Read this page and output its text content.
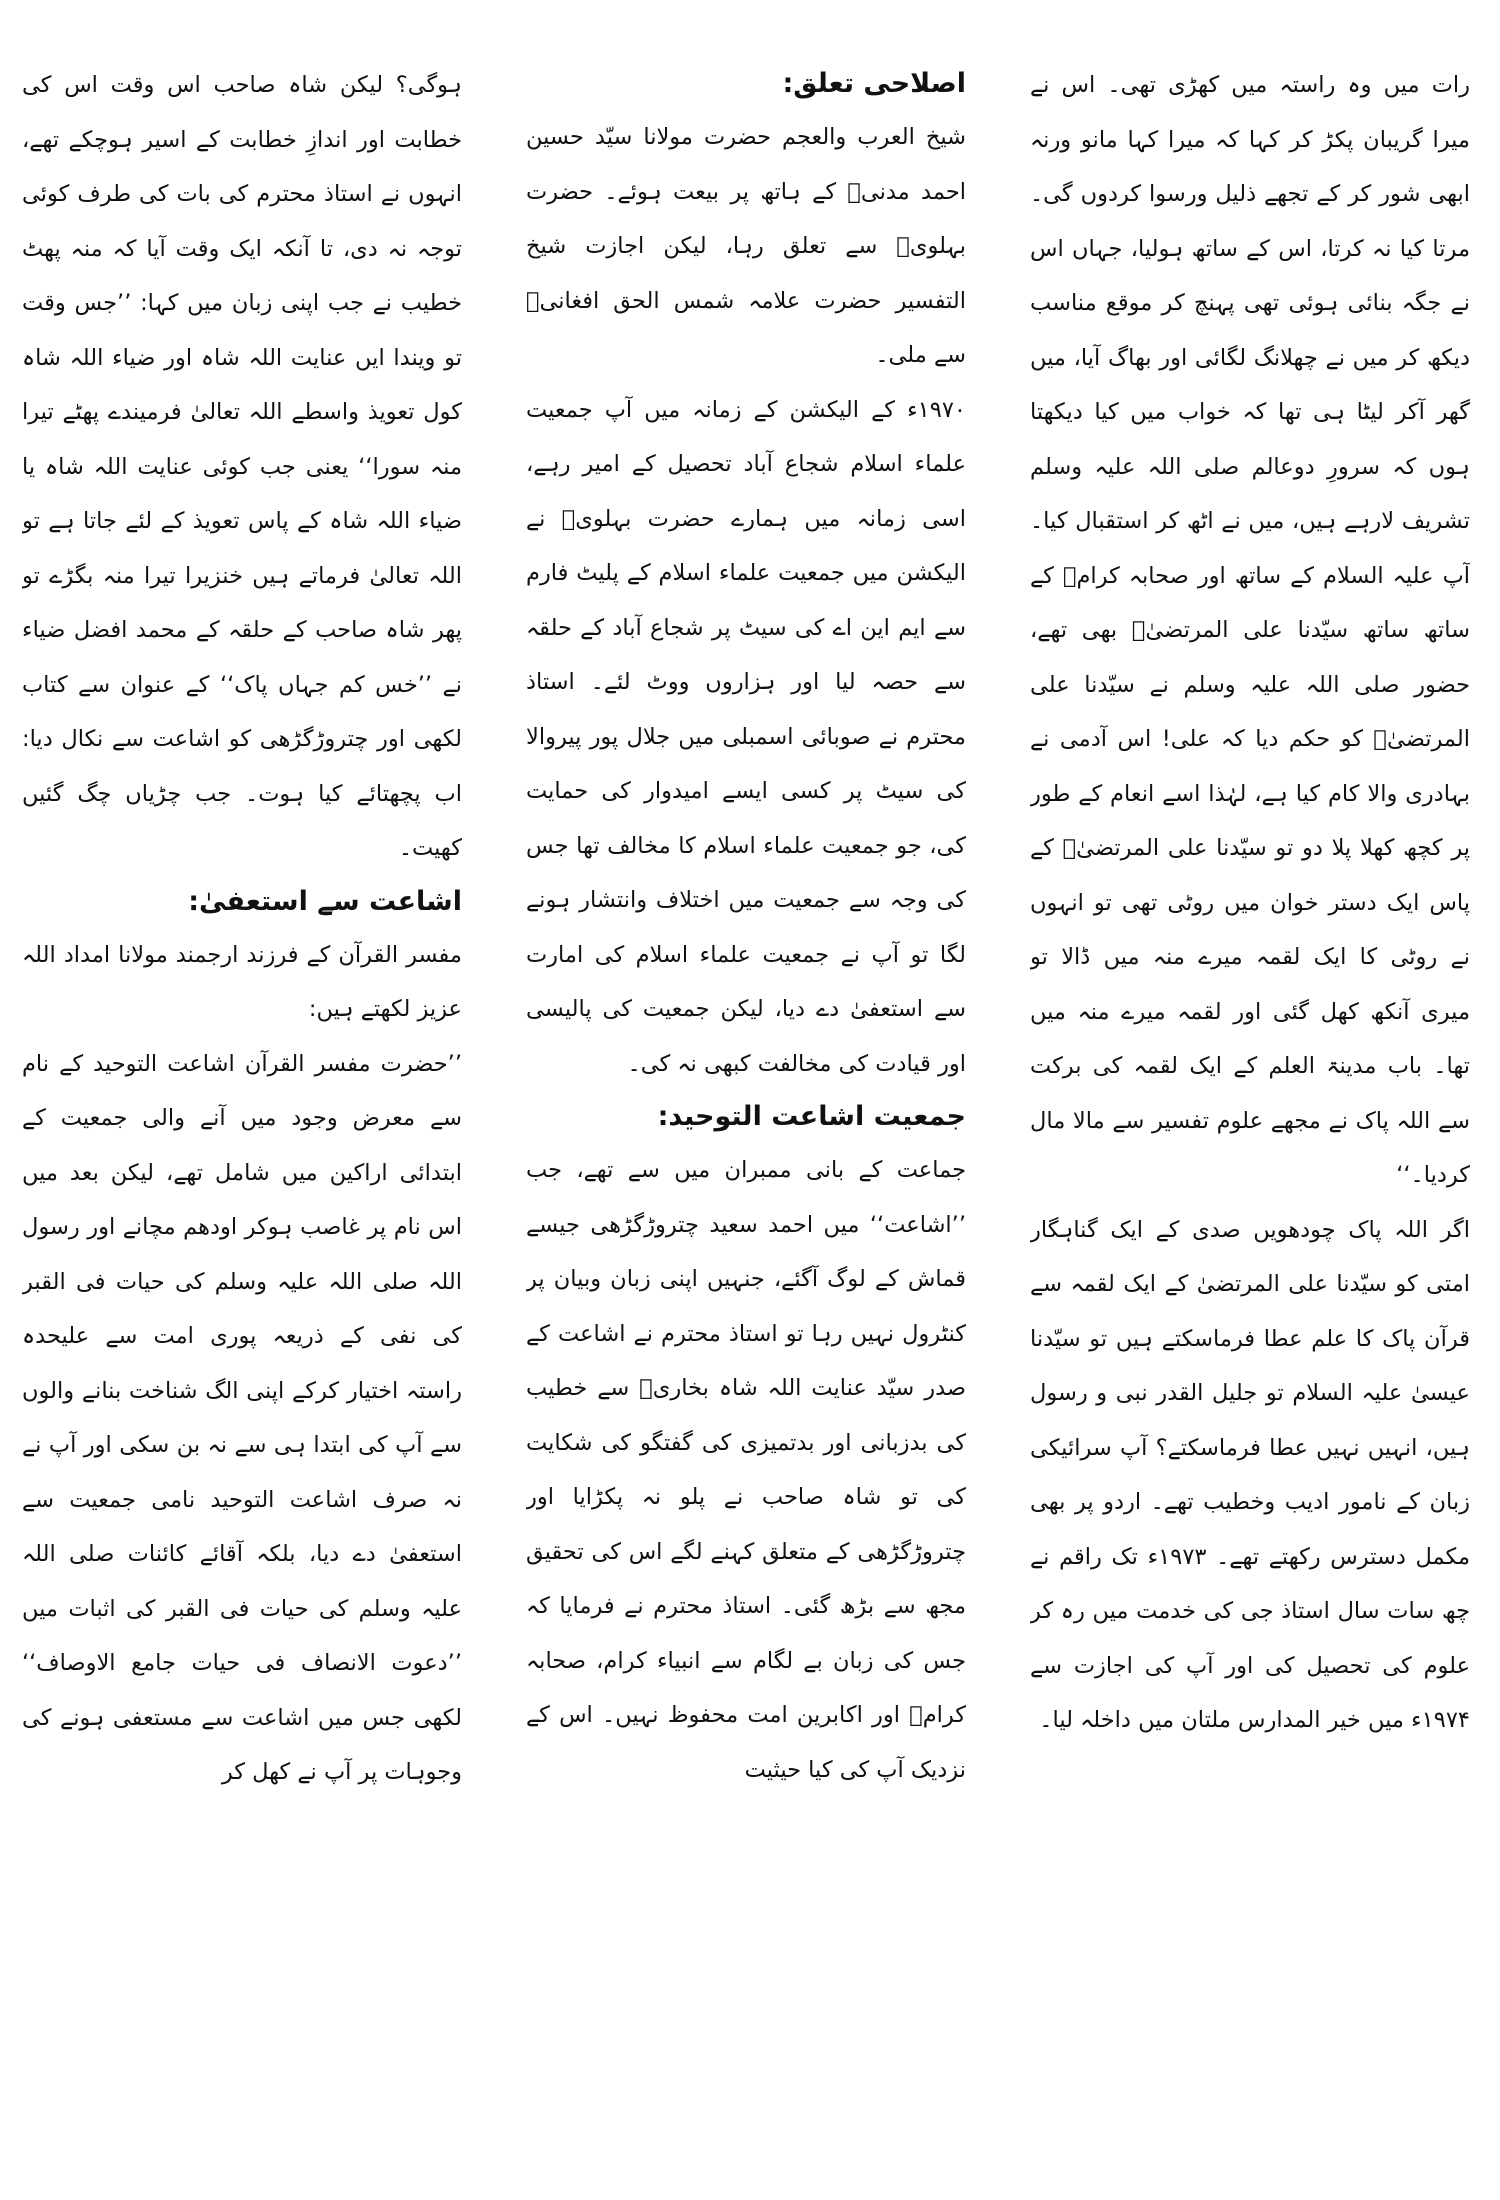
رات میں وہ راستہ میں کھڑی تھی۔ اس نے میرا گریبان پکڑ کر کہا کہ میرا کہا مانو ورنہ ابھی شور کر کے تجھے ذلیل ورسوا کردوں گی۔ مرتا کیا نہ کرتا، اس کے ساتھ ہولیا، جہاں اس نے جگہ بنائی ہوئی تھی پہنچ کر موقع مناسب دیکھ کر میں نے چھلانگ لگائی اور بھاگ آیا، میں گھر آکر لیٹا ہی تھا کہ خواب میں کیا دیکھتا ہوں کہ سرورِ دوعالم صلی اللہ علیہ وسلم تشریف لارہے ہیں، میں نے اٹھ کر استقبال کیا۔ آپ علیہ السلام کے ساتھ اور صحابہ کرامؓ کے ساتھ ساتھ سیّدنا علی المرتضیٰؓ بھی تھے، حضور صلی اللہ علیہ وسلم نے سیّدنا علی المرتضیٰؓ کو حکم دیا کہ علی! اس آدمی نے بہادری والا کام کیا ہے، لہٰذا اسے انعام کے طور پر کچھ کھلا پلا دو تو سیّدنا علی المرتضیٰؓ کے پاس ایک دستر خوان میں روٹی تھی تو انہوں نے روٹی کا ایک لقمہ میرے منہ میں ڈالا تو میری آنکھ کھل گئی اور لقمہ میرے منہ میں تھا۔ باب مدینۃ العلم کے ایک لقمہ کی برکت سے اللہ پاک نے مجھے علوم تفسیر سے مالا مال کردیا۔‘‘

اگر اللہ پاک چودھویں صدی کے ایک گناہگار امتی کو سیّدنا علی المرتضیٰ کے ایک لقمہ سے قرآن پاک کا علم عطا فرماسکتے ہیں تو سیّدنا عیسیٰ علیہ السلام تو جلیل القدر نبی و رسول ہیں، انہیں نہیں عطا فرماسکتے؟ آپ سرائیکی زبان کے نامور ادیب وخطیب تھے۔ اردو پر بھی مکمل دسترس رکھتے تھے۔ ۱۹۷۳ء تک راقم نے چھ سات سال استاذ جی کی خدمت میں رہ کر علوم کی تحصیل کی اور آپ کی اجازت سے ۱۹۷۴ء میں خیر المدارس ملتان میں داخلہ لیا۔

اصلاحی تعلق:

شیخ العرب والعجم حضرت مولانا سیّد حسین احمد مدنیؒ کے ہاتھ پر بیعت ہوئے۔ حضرت بہلویؒ سے تعلق رہا، لیکن اجازت شیخ التفسیر حضرت علامہ شمس الحق افغانیؒ سے ملی۔

۱۹۷۰ء کے الیکشن کے زمانہ میں آپ جمعیت علماء اسلام شجاع آباد تحصیل کے امیر رہے، اسی زمانہ میں ہمارے حضرت بہلویؒ نے الیکشن میں جمعیت علماء اسلام کے پلیٹ فارم سے ایم این اے کی سیٹ پر شجاع آباد کے حلقہ سے حصہ لیا اور ہزاروں ووٹ لئے۔ استاذ محترم نے صوبائی اسمبلی میں جلال پور پیروالا کی سیٹ پر کسی ایسے امیدوار کی حمایت کی، جو جمعیت علماء اسلام کا مخالف تھا جس کی وجہ سے جمعیت میں اختلاف وانتشار ہونے لگا تو آپ نے جمعیت علماء اسلام کی امارت سے استعفیٰ دے دیا، لیکن جمعیت کی پالیسی اور قیادت کی مخالفت کبھی نہ کی۔

جمعیت اشاعت التوحید:

جماعت کے بانی ممبران میں سے تھے، جب ’’اشاعت‘‘ میں احمد سعید چتروڑگڑھی جیسے قماش کے لوگ آگئے، جنہیں اپنی زبان وبیان پر کنٹرول نہیں رہا تو استاذ محترم نے اشاعت کے صدر سیّد عنایت اللہ شاہ بخاریؒ سے خطیب کی بدزبانی اور بدتمیزی کی گفتگو کی شکایت کی تو شاہ صاحب نے پلو نہ پکڑایا اور چتروڑگڑھی کے متعلق کہنے لگے اس کی تحقیق مجھ سے بڑھ گئی۔ استاذ محترم نے فرمایا کہ جس کی زبان بے لگام سے انبیاء کرام، صحابہ کرامؓ اور اکابرین امت محفوظ نہیں۔ اس کے نزدیک آپ کی کیا حیثیت

ہوگی؟ لیکن شاہ صاحب اس وقت اس کی خطابت اور اندازِ خطابت کے اسیر ہوچکے تھے، انہوں نے استاذ محترم کی بات کی طرف کوئی توجہ نہ دی، تا آنکہ ایک وقت آیا کہ منہ پھٹ خطیب نے جب اپنی زبان میں کہا: ’’جس وقت تو ویندا ایں عنایت اللہ شاہ اور ضیاء اللہ شاہ کول تعویذ واسطے اللہ تعالیٰ فرمیندے پھٹے تیرا منہ سورا‘‘ یعنی جب کوئی عنایت اللہ شاہ یا ضیاء اللہ شاہ کے پاس تعویذ کے لئے جاتا ہے تو اللہ تعالیٰ فرماتے ہیں خنزیرا تیرا منہ بگڑے تو پھر شاہ صاحب کے حلقہ کے محمد افضل ضیاء نے ’’خس کم جہاں پاک‘‘ کے عنوان سے کتاب لکھی اور چتروڑگڑھی کو اشاعت سے نکال دیا: اب پچھتائے کیا ہوت۔ جب چڑیاں چگ گئیں کھیت۔

اشاعت سے استعفیٰ:

مفسر القرآن کے فرزند ارجمند مولانا امداد اللہ عزیز لکھتے ہیں:

’’حضرت مفسر القرآن اشاعت التوحید کے نام سے معرض وجود میں آنے والی جمعیت کے ابتدائی اراکین میں شامل تھے، لیکن بعد میں اس نام پر غاصب ہوکر اودھم مچانے اور رسول اللہ صلی اللہ علیہ وسلم کی حیات فی القبر کی نفی کے ذریعہ پوری امت سے علیحدہ راستہ اختیار کرکے اپنی الگ شناخت بنانے والوں سے آپ کی ابتدا ہی سے نہ بن سکی اور آپ نے نہ صرف اشاعت التوحید نامی جمعیت سے استعفیٰ دے دیا، بلکہ آقائے کائنات صلی اللہ علیہ وسلم کی حیات فی القبر کی اثبات میں ’’دعوت الانصاف فی حیات جامع الاوصاف‘‘ لکھی جس میں اشاعت سے مستعفی ہونے کی وجوہات پر آپ نے کھل کر
